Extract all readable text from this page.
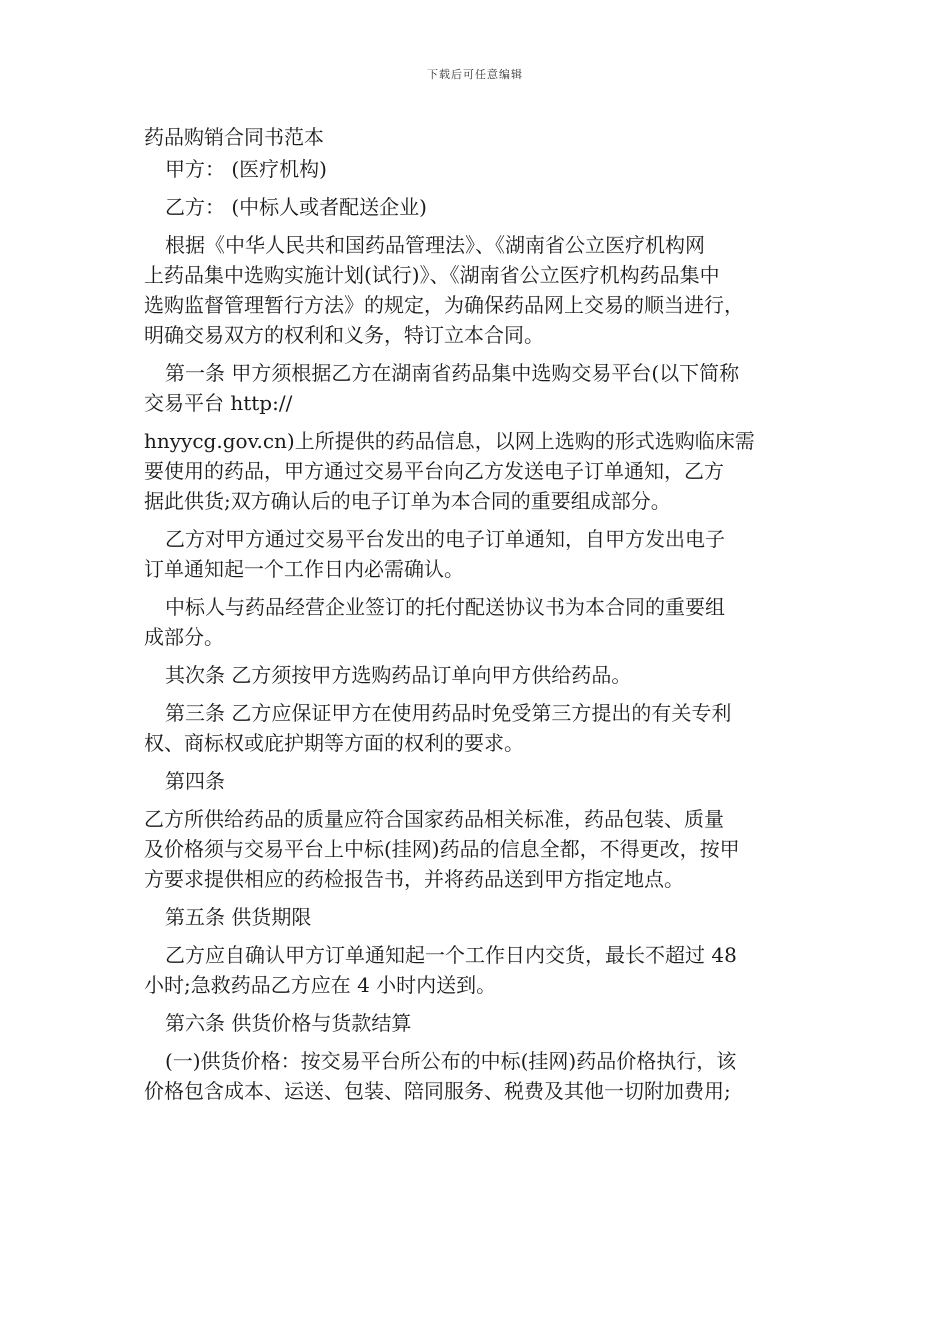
下载后可任意编辑

药品购销合同书范本

甲方： (医疗机构)

乙方： (中标人或者配送企业)

根据《中华人民共和国药品管理法》、《湖南省公立医疗机构网

上药品集中选购实施计划(试行)》、《湖南省公立医疗机构药品集中

选购监督管理暂行方法》的规定，为确保药品网上交易的顺当进行，

明确交易双方的权利和义务，特订立本合同。

第一条 甲方须根据乙方在湖南省药品集中选购交易平台(以下简称

交易平台 http://

hnyycg.gov.cn)上所提供的药品信息，以网上选购的形式选购临床需

要使用的药品，甲方通过交易平台向乙方发送电子订单通知，乙方

据此供货;双方确认后的电子订单为本合同的重要组成部分。

乙方对甲方通过交易平台发出的电子订单通知，自甲方发出电子

订单通知起一个工作日内必需确认。

中标人与药品经营企业签订的托付配送协议书为本合同的重要组

成部分。

其次条 乙方须按甲方选购药品订单向甲方供给药品。

第三条 乙方应保证甲方在使用药品时免受第三方提出的有关专利

权、商标权或庇护期等方面的权利的要求。

第四条

乙方所供给药品的质量应符合国家药品相关标准，药品包装、质量

及价格须与交易平台上中标(挂网)药品的信息全都，不得更改，按甲

方要求提供相应的药检报告书，并将药品送到甲方指定地点。

第五条 供货期限

乙方应自确认甲方订单通知起一个工作日内交货，最长不超过 48

小时;急救药品乙方应在 4 小时内送到。

第六条 供货价格与货款结算

(一)供货价格：按交易平台所公布的中标(挂网)药品价格执行，该

价格包含成本、运送、包装、陪同服务、税费及其他一切附加费用;
